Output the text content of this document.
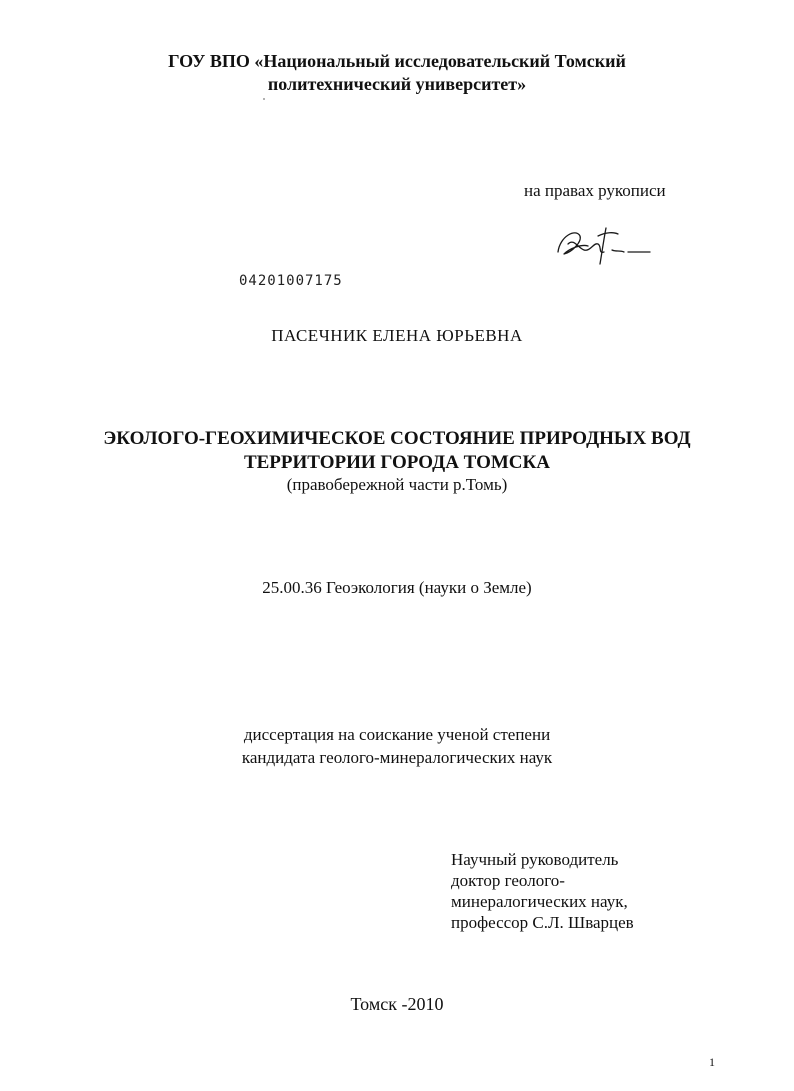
ГОУ ВПО «Национальный исследовательский Томский
политехнический университет»
на правах рукописи
04201007175
ПАСЕЧНИК ЕЛЕНА ЮРЬЕВНА
ЭКОЛОГО-ГЕОХИМИЧЕСКОЕ СОСТОЯНИЕ ПРИРОДНЫХ ВОД
ТЕРРИТОРИИ ГОРОДА ТОМСКА
(правобережной части р.Томь)
25.00.36 Геоэкология (науки о Земле)
диссертация на соискание ученой степени
кандидата геолого-минералогических наук
Научный руководитель
доктор геолого-
минералогических наук,
профессор С.Л. Шварцев
Томск -2010
1
